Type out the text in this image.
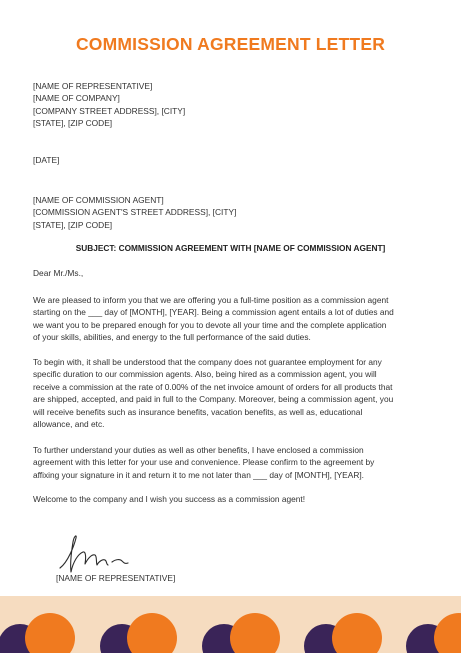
COMMISSION AGREEMENT LETTER
[NAME OF REPRESENTATIVE]
[NAME OF COMPANY]
[COMPANY STREET ADDRESS], [CITY]
[STATE], [ZIP CODE]
[DATE]
[NAME OF COMMISSION AGENT]
[COMMISSION AGENT'S STREET ADDRESS], [CITY]
[STATE], [ZIP CODE]
SUBJECT: COMMISSION AGREEMENT WITH [NAME OF COMMISSION AGENT]
Dear Mr./Ms.,

We are pleased to inform you that we are offering you a full-time position as a commission agent
starting on the ___ day of [MONTH], [YEAR]. Being a commission agent entails a lot of duties and
we want you to be prepared enough for you to devote all your time and the complete application
of your skills, abilities, and energy to the full performance of the said duties.

To begin with, it shall be understood that the company does not guarantee employment for any
specific duration to our commission agents. Also, being hired as a commission agent, you will
receive a commission at the rate of 0.00% of the net invoice amount of orders for all products that
are shipped, accepted, and paid in full to the Company. Moreover, being a commission agent, you
will receive benefits such as insurance benefits, vacation benefits, as well as, educational
allowance, and etc.

To further understand your duties as well as other benefits, I have enclosed a commission
agreement with this letter for your use and convenience. Please confirm to the agreement by
affixing your signature in it and return it to me not later than ___ day of [MONTH], [YEAR].

Welcome to the company and I wish you success as a commission agent!

[NAME OF REPRESENTATIVE]
